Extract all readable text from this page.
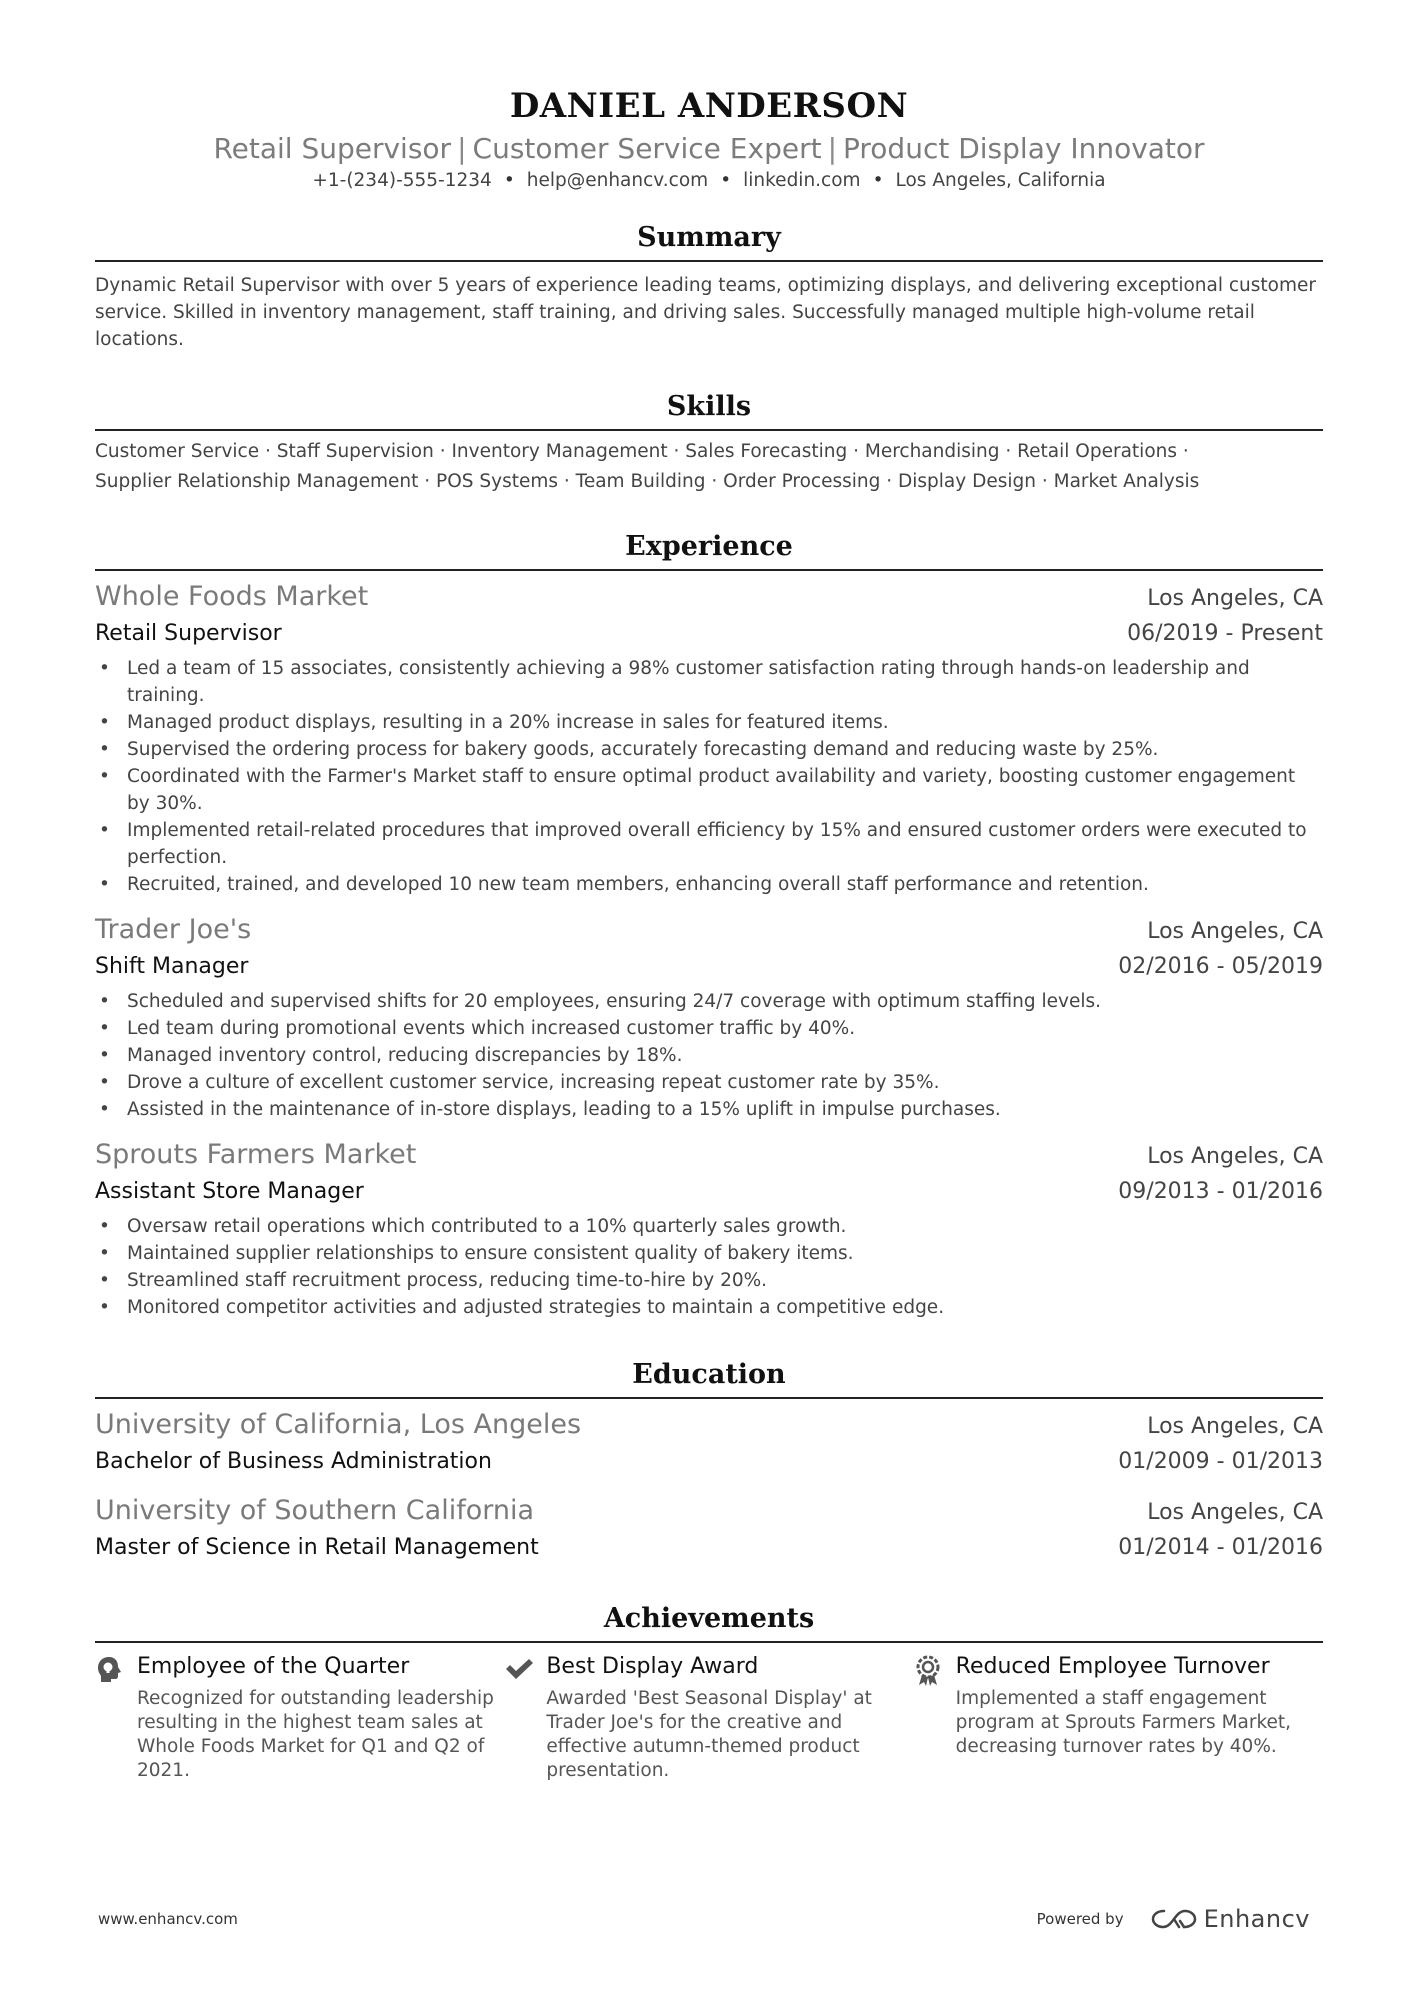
DANIEL ANDERSON
Retail Supervisor | Customer Service Expert | Product Display Innovator
+1-(234)-555-1234 • help@enhancv.com • linkedin.com • Los Angeles, California
Summary
Dynamic Retail Supervisor with over 5 years of experience leading teams, optimizing displays, and delivering exceptional customer service. Skilled in inventory management, staff training, and driving sales. Successfully managed multiple high-volume retail locations.
Skills
Customer Service · Staff Supervision · Inventory Management · Sales Forecasting · Merchandising · Retail Operations ·
Supplier Relationship Management · POS Systems · Team Building · Order Processing · Display Design · Market Analysis
Experience
Whole Foods Market	Los Angeles, CA
Retail Supervisor	06/2019 - Present
• Led a team of 15 associates, consistently achieving a 98% customer satisfaction rating through hands-on leadership and training.
• Managed product displays, resulting in a 20% increase in sales for featured items.
• Supervised the ordering process for bakery goods, accurately forecasting demand and reducing waste by 25%.
• Coordinated with the Farmer's Market staff to ensure optimal product availability and variety, boosting customer engagement by 30%.
• Implemented retail-related procedures that improved overall efficiency by 15% and ensured customer orders were executed to perfection.
• Recruited, trained, and developed 10 new team members, enhancing overall staff performance and retention.
Trader Joe's	Los Angeles, CA
Shift Manager	02/2016 - 05/2019
• Scheduled and supervised shifts for 20 employees, ensuring 24/7 coverage with optimum staffing levels.
• Led team during promotional events which increased customer traffic by 40%.
• Managed inventory control, reducing discrepancies by 18%.
• Drove a culture of excellent customer service, increasing repeat customer rate by 35%.
• Assisted in the maintenance of in-store displays, leading to a 15% uplift in impulse purchases.
Sprouts Farmers Market	Los Angeles, CA
Assistant Store Manager	09/2013 - 01/2016
• Oversaw retail operations which contributed to a 10% quarterly sales growth.
• Maintained supplier relationships to ensure consistent quality of bakery items.
• Streamlined staff recruitment process, reducing time-to-hire by 20%.
• Monitored competitor activities and adjusted strategies to maintain a competitive edge.
Education
University of California, Los Angeles	Los Angeles, CA
Bachelor of Business Administration	01/2009 - 01/2013
University of Southern California	Los Angeles, CA
Master of Science in Retail Management	01/2014 - 01/2016
Achievements
Employee of the Quarter
Recognized for outstanding leadership resulting in the highest team sales at Whole Foods Market for Q1 and Q2 of 2021.
Best Display Award
Awarded 'Best Seasonal Display' at Trader Joe's for the creative and effective autumn-themed product presentation.
Reduced Employee Turnover
Implemented a staff engagement program at Sprouts Farmers Market, decreasing turnover rates by 40%.
www.enhancv.com	Powered by	Enhancv
